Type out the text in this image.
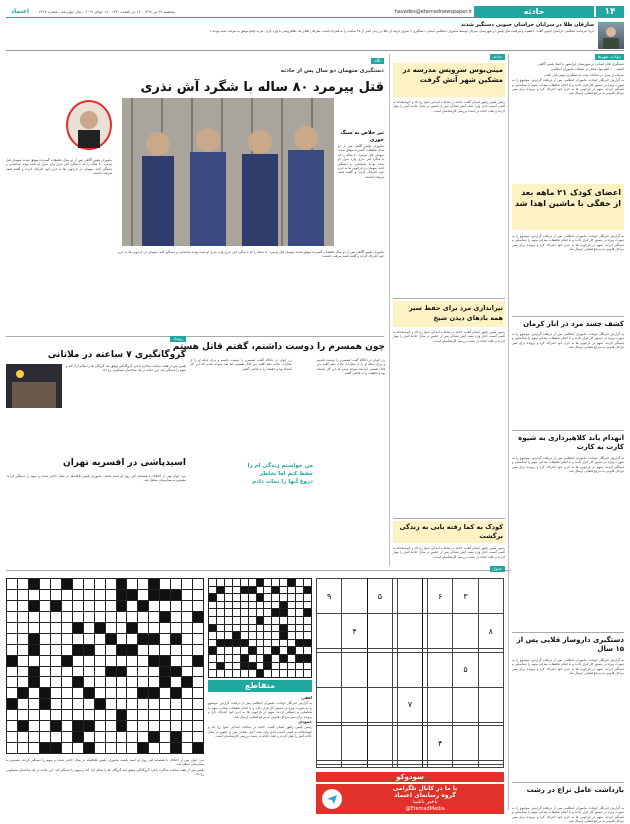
۱۴
حادثه
havades@etemadnewspaper.ir
پنجشنبه ۲۷ تیر ۱۳۹۸ - ۱۴ ذی القعده ۱۴۴۰ - ۱۸ جولای ۲۰۱۹ - سال چهاردهم - شماره ۴۳۶۷
اعتماد
سارقان طلا در سرایان خراسان جنوبی دستگیر شدند
ایرنا: فرمانده انتظامی خراسان جنوبی گفت: «تعقیب و مراقبت های پلیس در شهرستان سرایان توسط ماموران انتظامی استان، دستگیری ۴ سارق حرفه ای طلا در زمان کمتر از ۴۸ ساعت را به همراه داشت. سارقان طلای یک طلافروشی با وارد کردن ضربه چاقو موفق به سرقت شده بودند.»
حوادث شهرها

دستگیری قاتل استانی در شهرستان ایرانشهر با کمک پلیس آگاهی.

کشف ۱۰۰ کیلو مواد مخدر در عملیات ماموران انتظامی.

سرقت از منزل در ساعات شب با دستگیری متهم پایان یافت.

به گزارش خبرنگار حوادث، ماموران انتظامی پس از دریافت گزارش، موضوع را به صورت ویژه در دستور کار قرار دادند و با انجام تحقیقات میدانی متهم را شناسایی و دستگیر کردند. متهم در بازجویی ها به جرم خود اعتراف کرد و پرونده برای سیر مراحل قانونی به مرجع قضایی ارسال شد.

اعضای کودک ۲۱ ماهه بعد از خفگی با ماشین اهدا شد
به گزارش خبرنگار حوادث، ماموران انتظامی پس از دریافت گزارش، موضوع را به صورت ویژه در دستور کار قرار دادند و با انجام تحقیقات میدانی متهم را شناسایی و دستگیر کردند. متهم در بازجویی ها به جرم خود اعتراف کرد و پرونده برای سیر مراحل قانونی به مرجع قضایی ارسال شد.
کشف جسد مرد در انار کرمان
به گزارش خبرنگار حوادث، ماموران انتظامی پس از دریافت گزارش، موضوع را به صورت ویژه در دستور کار قرار دادند و با انجام تحقیقات میدانی متهم را شناسایی و دستگیر کردند. متهم در بازجویی ها به جرم خود اعتراف کرد و پرونده برای سیر مراحل قانونی به مرجع قضایی ارسال شد.
انهدام باند کلاهبرداری به شیوه کارت به کارت
به گزارش خبرنگار حوادث، ماموران انتظامی پس از دریافت گزارش، موضوع را به صورت ویژه در دستور کار قرار دادند و با انجام تحقیقات میدانی متهم را شناسایی و دستگیر کردند. متهم در بازجویی ها به جرم خود اعتراف کرد و پرونده برای سیر مراحل قانونی به مرجع قضایی ارسال شد.
دستگیری داروساز قلابی پس از ۱۵ سال
به گزارش خبرنگار حوادث، ماموران انتظامی پس از دریافت گزارش، موضوع را به صورت ویژه در دستور کار قرار دادند و با انجام تحقیقات میدانی متهم را شناسایی و دستگیر کردند. متهم در بازجویی ها به جرم خود اعتراف کرد و پرونده برای سیر مراحل قانونی به مرجع قضایی ارسال شد.
بازداشت عامل نزاع در رشت
به گزارش خبرنگار حوادث، ماموران انتظامی پس از دریافت گزارش، موضوع را به صورت ویژه در دستور کار قرار دادند و با انجام تحقیقات میدانی متهم را شناسایی و دستگیر کردند. متهم در بازجویی ها به جرم خود اعتراف کرد و پرونده برای سیر مراحل قانونی به مرجع قضایی ارسال شد.
حادثه
مینی‌بوس سرویس مدرسه در مشکین شهر آتش گرفت
رئیس پلیس راهور استان گفت: حادثه در ساعات ابتدایی صبح رخ داد و خوشبختانه به کسی آسیب جدی وارد نشد. آتش نشانان پس از حضور در محل حادثه آتش را مهار کردند و علت حادثه در دست بررسی کارشناسان است.
تیراندازی مرد برای حفظ سیر همه بادهای دیدن شیخ
رئیس پلیس راهور استان گفت: حادثه در ساعات ابتدایی صبح رخ داد و خوشبختانه به کسی آسیب جدی وارد نشد. آتش نشانان پس از حضور در محل حادثه آتش را مهار کردند و علت حادثه در دست بررسی کارشناسان است.
کودک به کما رفته بابی به زندگی برگشت
رئیس پلیس راهور استان گفت: حادثه در ساعات ابتدایی صبح رخ داد و خوشبختانه به کسی آسیب جدی وارد نشد. آتش نشانان پس از حضور در محل حادثه آتش را مهار کردند و علت حادثه در دست بررسی کارشناسان است.
نگاه
دستگیری متهمان دو سال پس از حادثه
قتل پیرمرد ۸۰ ساله با شگرد آش نذری
ماموران پلیس آگاهی پس از دو سال تحقیقات گسترده موفق شدند متهمان قتل پیرمرد ۸۰ ساله را که با شگرد آش نذری وارد منزل او شده بودند شناسایی و دستگیر کنند. متهمان در بازجویی ها به جرم خود اعتراف کردند و گفتند قصد سرقت داشتند.
تیر خلاص به سنگ خوری
ماموران پلیس آگاهی پس از دو سال تحقیقات گسترده موفق شدند متهمان قتل پیرمرد ۸۰ ساله را که با شگرد آش نذری وارد منزل او شده بودند شناسایی و دستگیر کنند. متهمان در بازجویی ها به جرم خود اعتراف کردند و گفتند قصد سرقت داشتند.
ماموران پلیس آگاهی پس از دو سال تحقیقات گسترده موفق شدند متهمان قتل پیرمرد ۸۰ ساله را که با شگرد آش نذری وارد منزل او شده بودند شناسایی و دستگیر کنند. متهمان در بازجویی ها به جرم خود اعتراف کردند و گفتند قصد سرقت داشتند.
چون همسرم را دوست داشتم، گفتم قاتل هستم
زن جوان در دادگاه گفت: همسرم را دوست داشتم و برای اینکه او را از مجازات نجات دهم گفتم من قاتل هستم. اما بعد متوجه شدم که این کار اشتباه بود و حقیقت را به قاضی گفتم.
من خواستم زندگی ام را حفظ کنم اما بخاطر دروغ آنها را نجات دادم
رویداد
گروگانگیری ۷ ساعته در ملاتانی
پلیس پس از هفت ساعت مذاکره با فرد گروگانگیر موفق شد گروگان ها را سالم آزاد کند و متهم را دستگیر کند. این حادثه در یک ساختمان مسکونی رخ داد.
زن جوان در دادگاه گفت: همسرم را دوست داشتم و برای اینکه او را از مجازات نجات دهم گفتم من قاتل هستم. اما بعد متوجه شدم که این کار اشتباه بود و حقیقت را به قاضی گفتم.
اسیدپاشی در افسریه تهران
مرد جوان پس از اختلاف با همسایه اش روی او اسید پاشید. ماموران پلیس بلافاصله در محل حاضر شدند و متهم را دستگیر کردند. مصدوم به بیمارستان منتقل شد.
جدول
	۳	۶				۵		۹
۸							۴	

	۵							
				۷				

		۴						

سودوکو
با ما در کانال تلگرامی
گروه رسانه‌ای اعتماد
باخبر باشید
@EtemadMedia

متقاطع

افقی

به گزارش خبرنگار حوادث، ماموران انتظامی پس از دریافت گزارش، موضوع را به صورت ویژه در دستور کار قرار دادند و با انجام تحقیقات میدانی متهم را شناسایی و دستگیر کردند. متهم در بازجویی ها به جرم خود اعتراف کرد و پرونده برای سیر مراحل قانونی به مرجع قضایی ارسال شد.

عمودی

رئیس پلیس راهور استان گفت: حادثه در ساعات ابتدایی صبح رخ داد و خوشبختانه به کسی آسیب جدی وارد نشد. آتش نشانان پس از حضور در محل حادثه آتش را مهار کردند و علت حادثه در دست بررسی کارشناسان است.

مرد جوان پس از اختلاف با همسایه اش روی او اسید پاشید. ماموران پلیس بلافاصله در محل حاضر شدند و متهم را دستگیر کردند. مصدوم به بیمارستان منتقل شد.

پلیس پس از هفت ساعت مذاکره با فرد گروگانگیر موفق شد گروگان ها را سالم آزاد کند و متهم را دستگیر کند. این حادثه در یک ساختمان مسکونی رخ داد.
